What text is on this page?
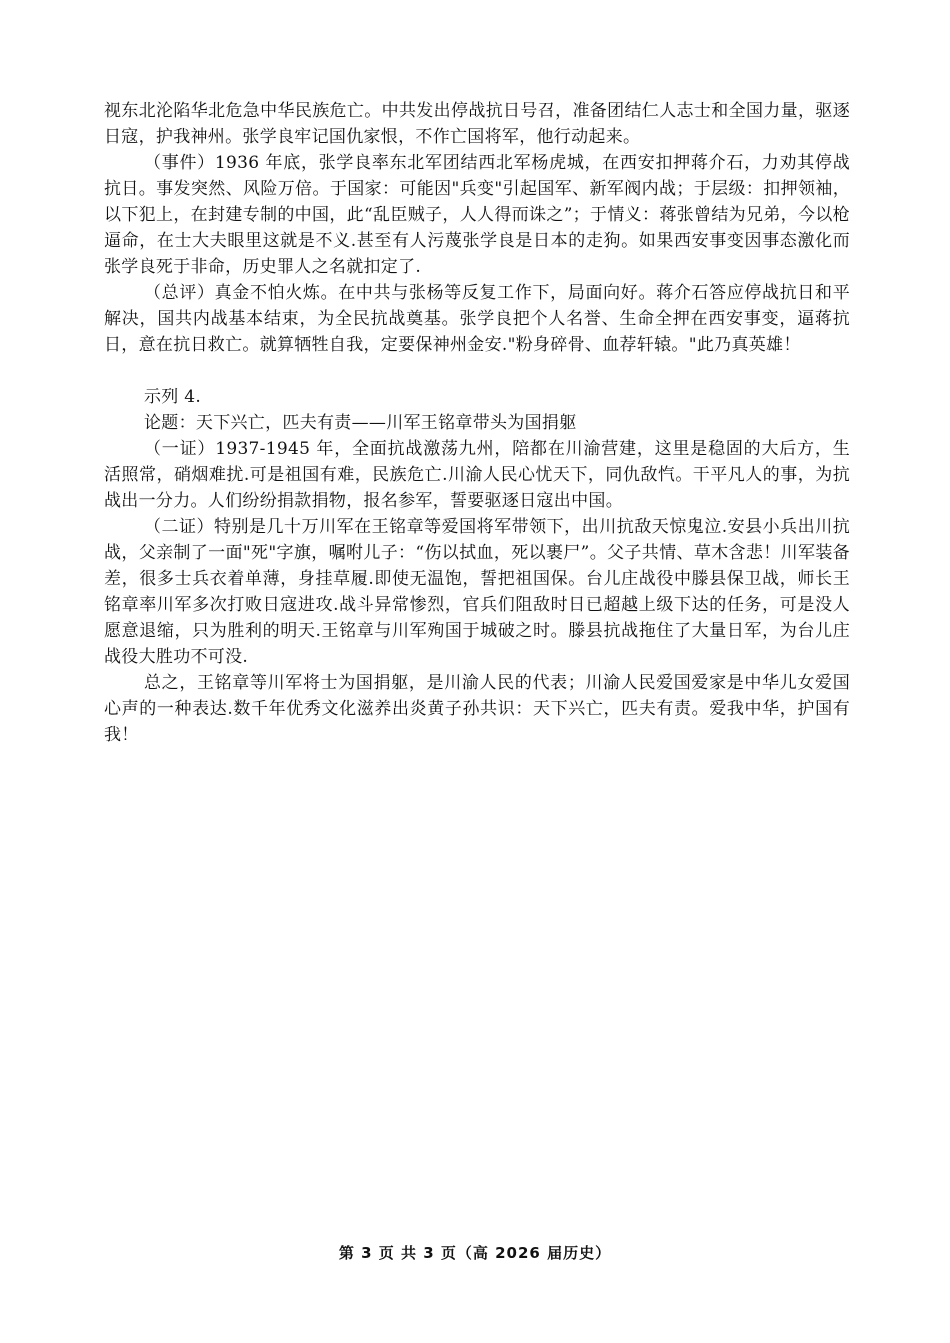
视东北沦陷华北危急中华民族危亡。中共发出停战抗日号召，准备团结仁人志士和全国力量，驱逐日寇，护我神州。张学良牢记国仇家恨，不作亡国将军，他行动起来。

（事件）1936 年底，张学良率东北军团结西北军杨虎城，在西安扣押蒋介石，力劝其停战抗日。事发突然、风险万倍。于国家：可能因"兵变"引起国军、新军阀内战；于层级：扣押领袖，以下犯上，在封建专制的中国，此“乱臣贼子，人人得而诛之”；于情义：蒋张曾结为兄弟，今以枪逼命，在士大夫眼里这就是不义.甚至有人污蔑张学良是日本的走狗。如果西安事变因事态激化而张学良死于非命，历史罪人之名就扣定了.

（总评）真金不怕火炼。在中共与张杨等反复工作下，局面向好。蒋介石答应停战抗日和平解决，国共内战基本结束，为全民抗战奠基。张学良把个人名誉、生命全押在西安事变，逼蒋抗日，意在抗日救亡。就算牺牲自我，定要保神州金安."粉身碎骨、血荐轩辕。"此乃真英雄！

示列 4.

论题：天下兴亡，匹夫有责——川军王铭章带头为国捐躯

（一证）1937-1945 年，全面抗战激荡九州，陪都在川渝营建，这里是稳固的大后方，生活照常，硝烟难扰.可是祖国有难，民族危亡.川渝人民心忧天下，同仇敌忾。干平凡人的事，为抗战出一分力。人们纷纷捐款捐物，报名参军，誓要驱逐日寇出中国。

（二证）特别是几十万川军在王铭章等爱国将军带领下，出川抗敌天惊鬼泣.安县小兵出川抗战，父亲制了一面"死"字旗，嘱咐儿子：“伤以拭血，死以裹尸”。父子共情、草木含悲！川军装备差，很多士兵衣着单薄，身挂草履.即使无温饱，誓把祖国保。台儿庄战役中滕县保卫战，师长王铭章率川军多次打败日寇进攻.战斗异常惨烈，官兵们阻敌时日已超越上级下达的任务，可是没人愿意退缩，只为胜利的明天.王铭章与川军殉国于城破之时。滕县抗战拖住了大量日军，为台儿庄战役大胜功不可没.

总之，王铭章等川军将士为国捐躯，是川渝人民的代表；川渝人民爱国爱家是中华儿女爱国心声的一种表达.数千年优秀文化滋养出炎黄子孙共识：天下兴亡，匹夫有责。爱我中华，护国有我！

第 3 页 共 3 页（高 2026 届历史）
